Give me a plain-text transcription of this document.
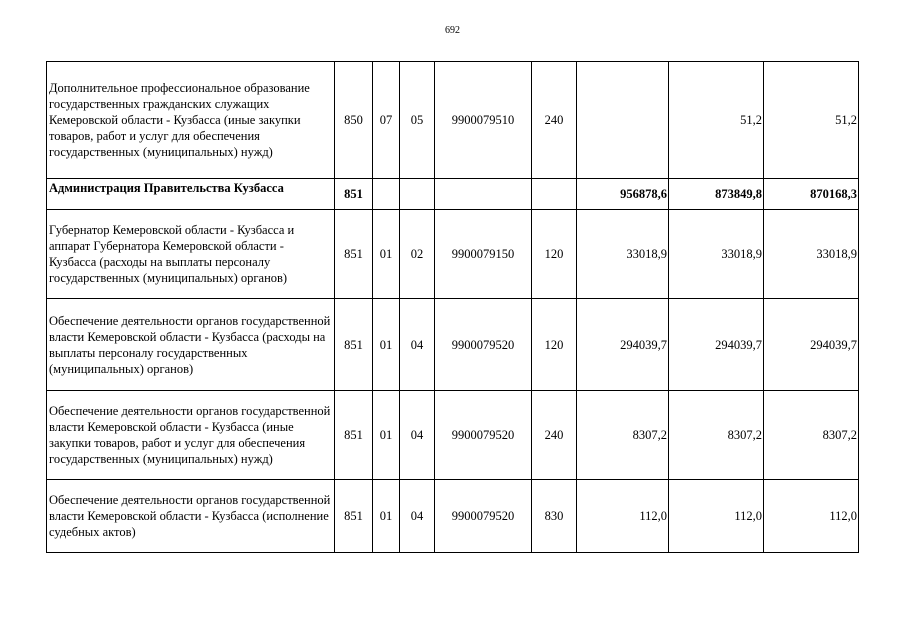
692
Дополнительное профессиональное образование государственных гражданских служащих Кемеровской области - Кузбасса (иные закупки товаров, работ и услуг для обеспечения государственных (муниципальных) нужд)	850	07	05	9900079510	240		51,2	51,2
Администрация Правительства Кузбасса	851					956878,6	873849,8	870168,3
Губернатор Кемеровской области - Кузбасса и аппарат Губернатора Кемеровской области - Кузбасса (расходы на выплаты персоналу государственных (муниципальных) органов)	851	01	02	9900079150	120	33018,9	33018,9	33018,9
Обеспечение деятельности органов государственной власти Кемеровской области - Кузбасса (расходы на выплаты персоналу государственных (муниципальных) органов)	851	01	04	9900079520	120	294039,7	294039,7	294039,7
Обеспечение деятельности органов государственной власти Кемеровской области - Кузбасса (иные закупки товаров, работ и услуг для обеспечения государственных (муниципальных) нужд)	851	01	04	9900079520	240	8307,2	8307,2	8307,2
Обеспечение деятельности органов государственной власти Кемеровской области - Кузбасса (исполнение судебных актов)	851	01	04	9900079520	830	112,0	112,0	112,0
